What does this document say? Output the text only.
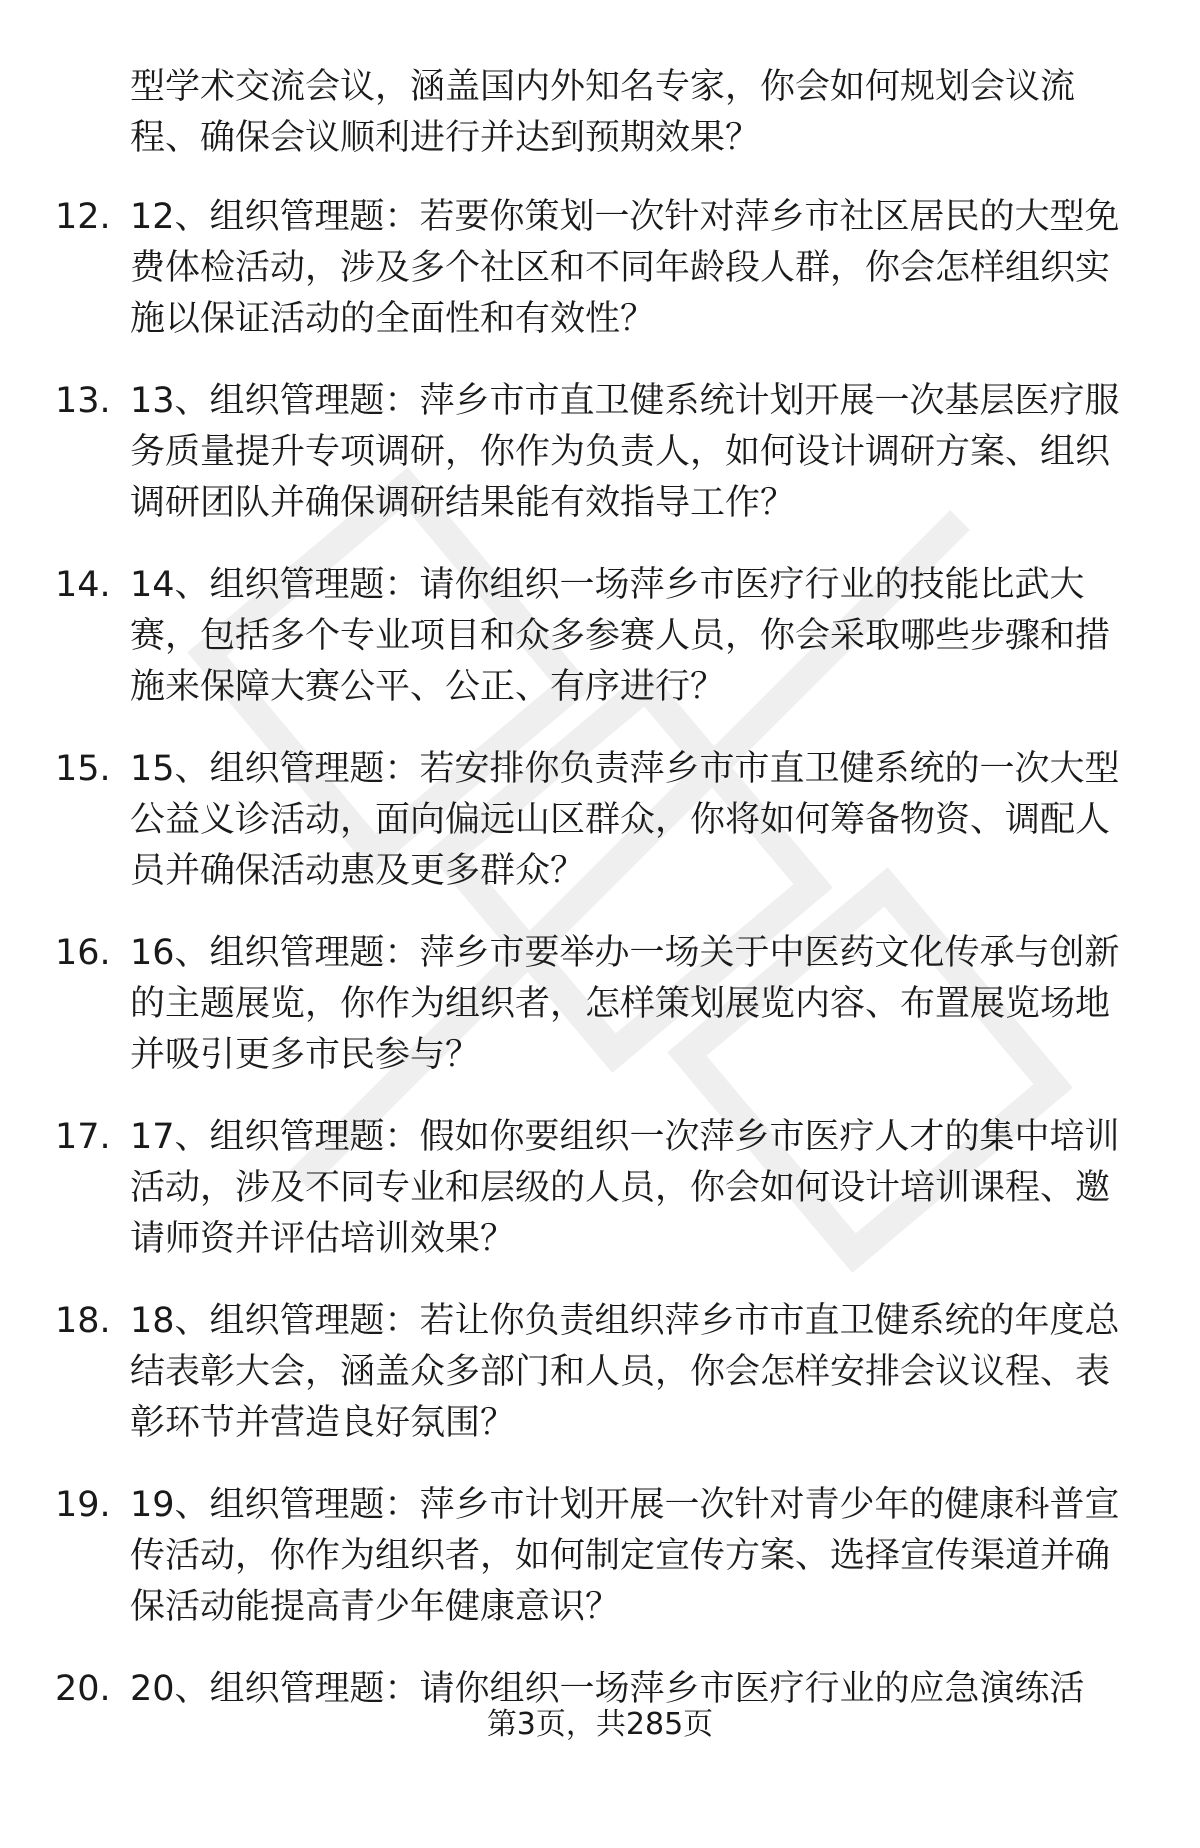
型学术交流会议，涵盖国内外知名专家，你会如何规划会议流程、确保会议顺利进行并达到预期效果？
12. 12、组织管理题：若要你策划一次针对萍乡市社区居民的大型免费体检活动，涉及多个社区和不同年龄段人群，你会怎样组织实施以保证活动的全面性和有效性？
13. 13、组织管理题：萍乡市市直卫健系统计划开展一次基层医疗服务质量提升专项调研，你作为负责人，如何设计调研方案、组织调研团队并确保调研结果能有效指导工作？
14. 14、组织管理题：请你组织一场萍乡市医疗行业的技能比武大赛，包括多个专业项目和众多参赛人员，你会采取哪些步骤和措施来保障大赛公平、公正、有序进行？
15. 15、组织管理题：若安排你负责萍乡市市直卫健系统的一次大型公益义诊活动，面向偏远山区群众，你将如何筹备物资、调配人员并确保活动惠及更多群众？
16. 16、组织管理题：萍乡市要举办一场关于中医药文化传承与创新的主题展览，你作为组织者，怎样策划展览内容、布置展览场地并吸引更多市民参与？
17. 17、组织管理题：假如你要组织一次萍乡市医疗人才的集中培训活动，涉及不同专业和层级的人员，你会如何设计培训课程、邀请师资并评估培训效果？
18. 18、组织管理题：若让你负责组织萍乡市市直卫健系统的年度总结表彰大会，涵盖众多部门和人员，你会怎样安排会议议程、表彰环节并营造良好氛围？
19. 19、组织管理题：萍乡市计划开展一次针对青少年的健康科普宣传活动，你作为组织者，如何制定宣传方案、选择宣传渠道并确保活动能提高青少年健康意识？
20. 20、组织管理题：请你组织一场萍乡市医疗行业的应急演练活
第3页，共285页
